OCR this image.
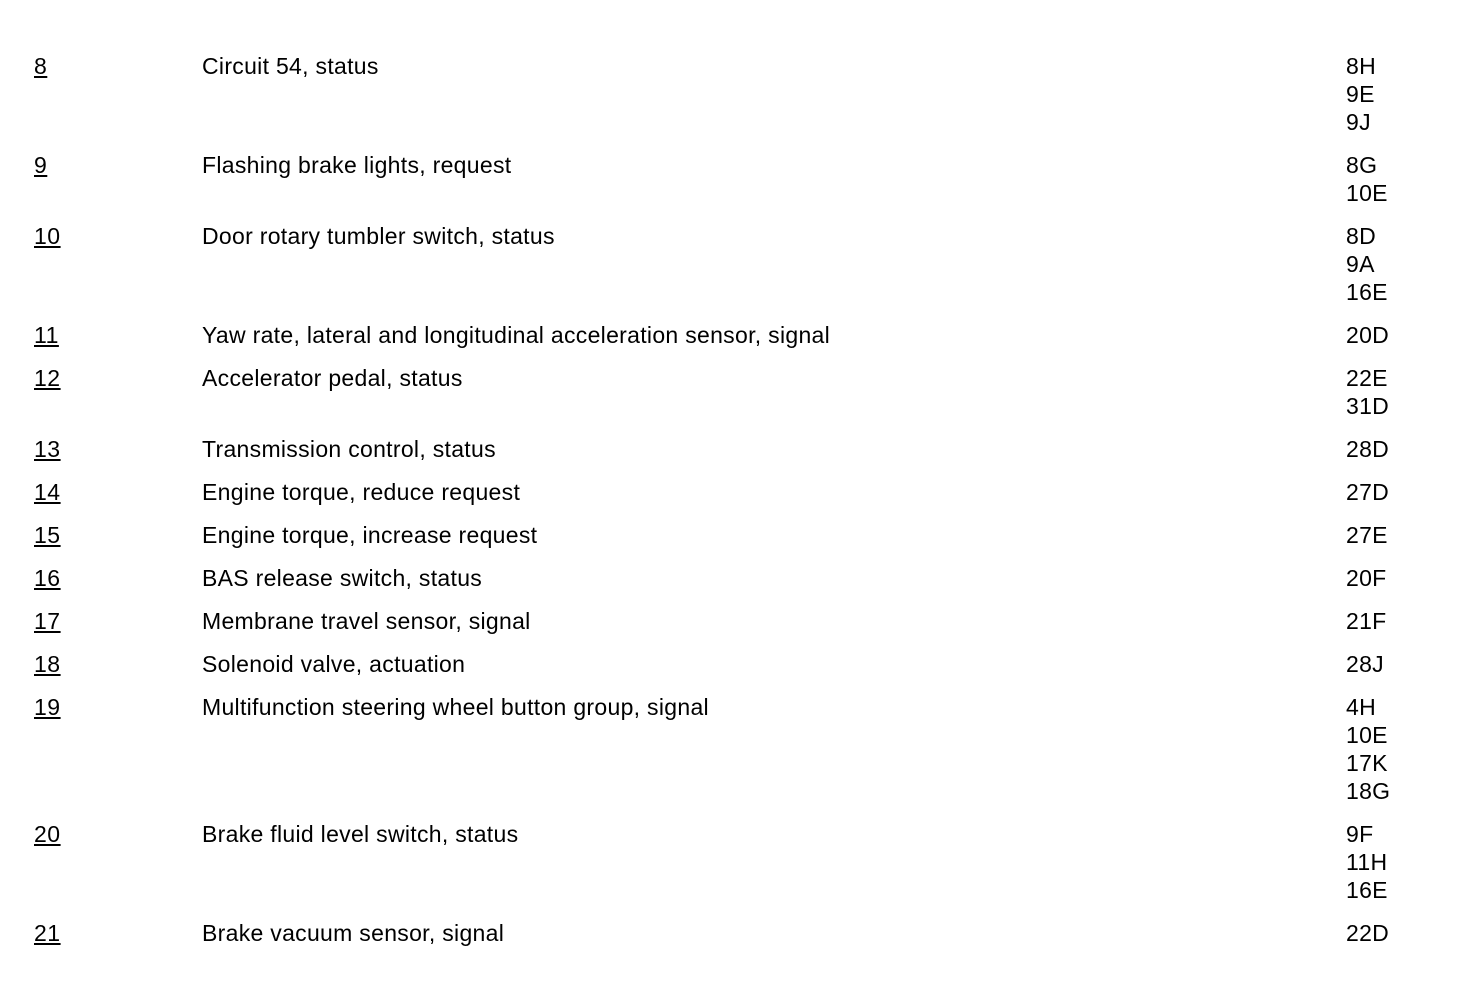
8	Circuit 54, status	8H
9E
9J
9	Flashing brake lights, request	8G
10E
10	Door rotary tumbler switch, status	8D
9A
16E
11	Yaw rate, lateral and longitudinal acceleration sensor, signal	20D
12	Accelerator pedal, status	22E
31D
13	Transmission control, status	28D
14	Engine torque, reduce request	27D
15	Engine torque, increase request	27E
16	BAS release switch, status	20F
17	Membrane travel sensor, signal	21F
18	Solenoid valve, actuation	28J
19	Multifunction steering wheel button group, signal	4H
10E
17K
18G
20	Brake fluid level switch, status	9F
11H
16E
21	Brake vacuum sensor, signal	22D
